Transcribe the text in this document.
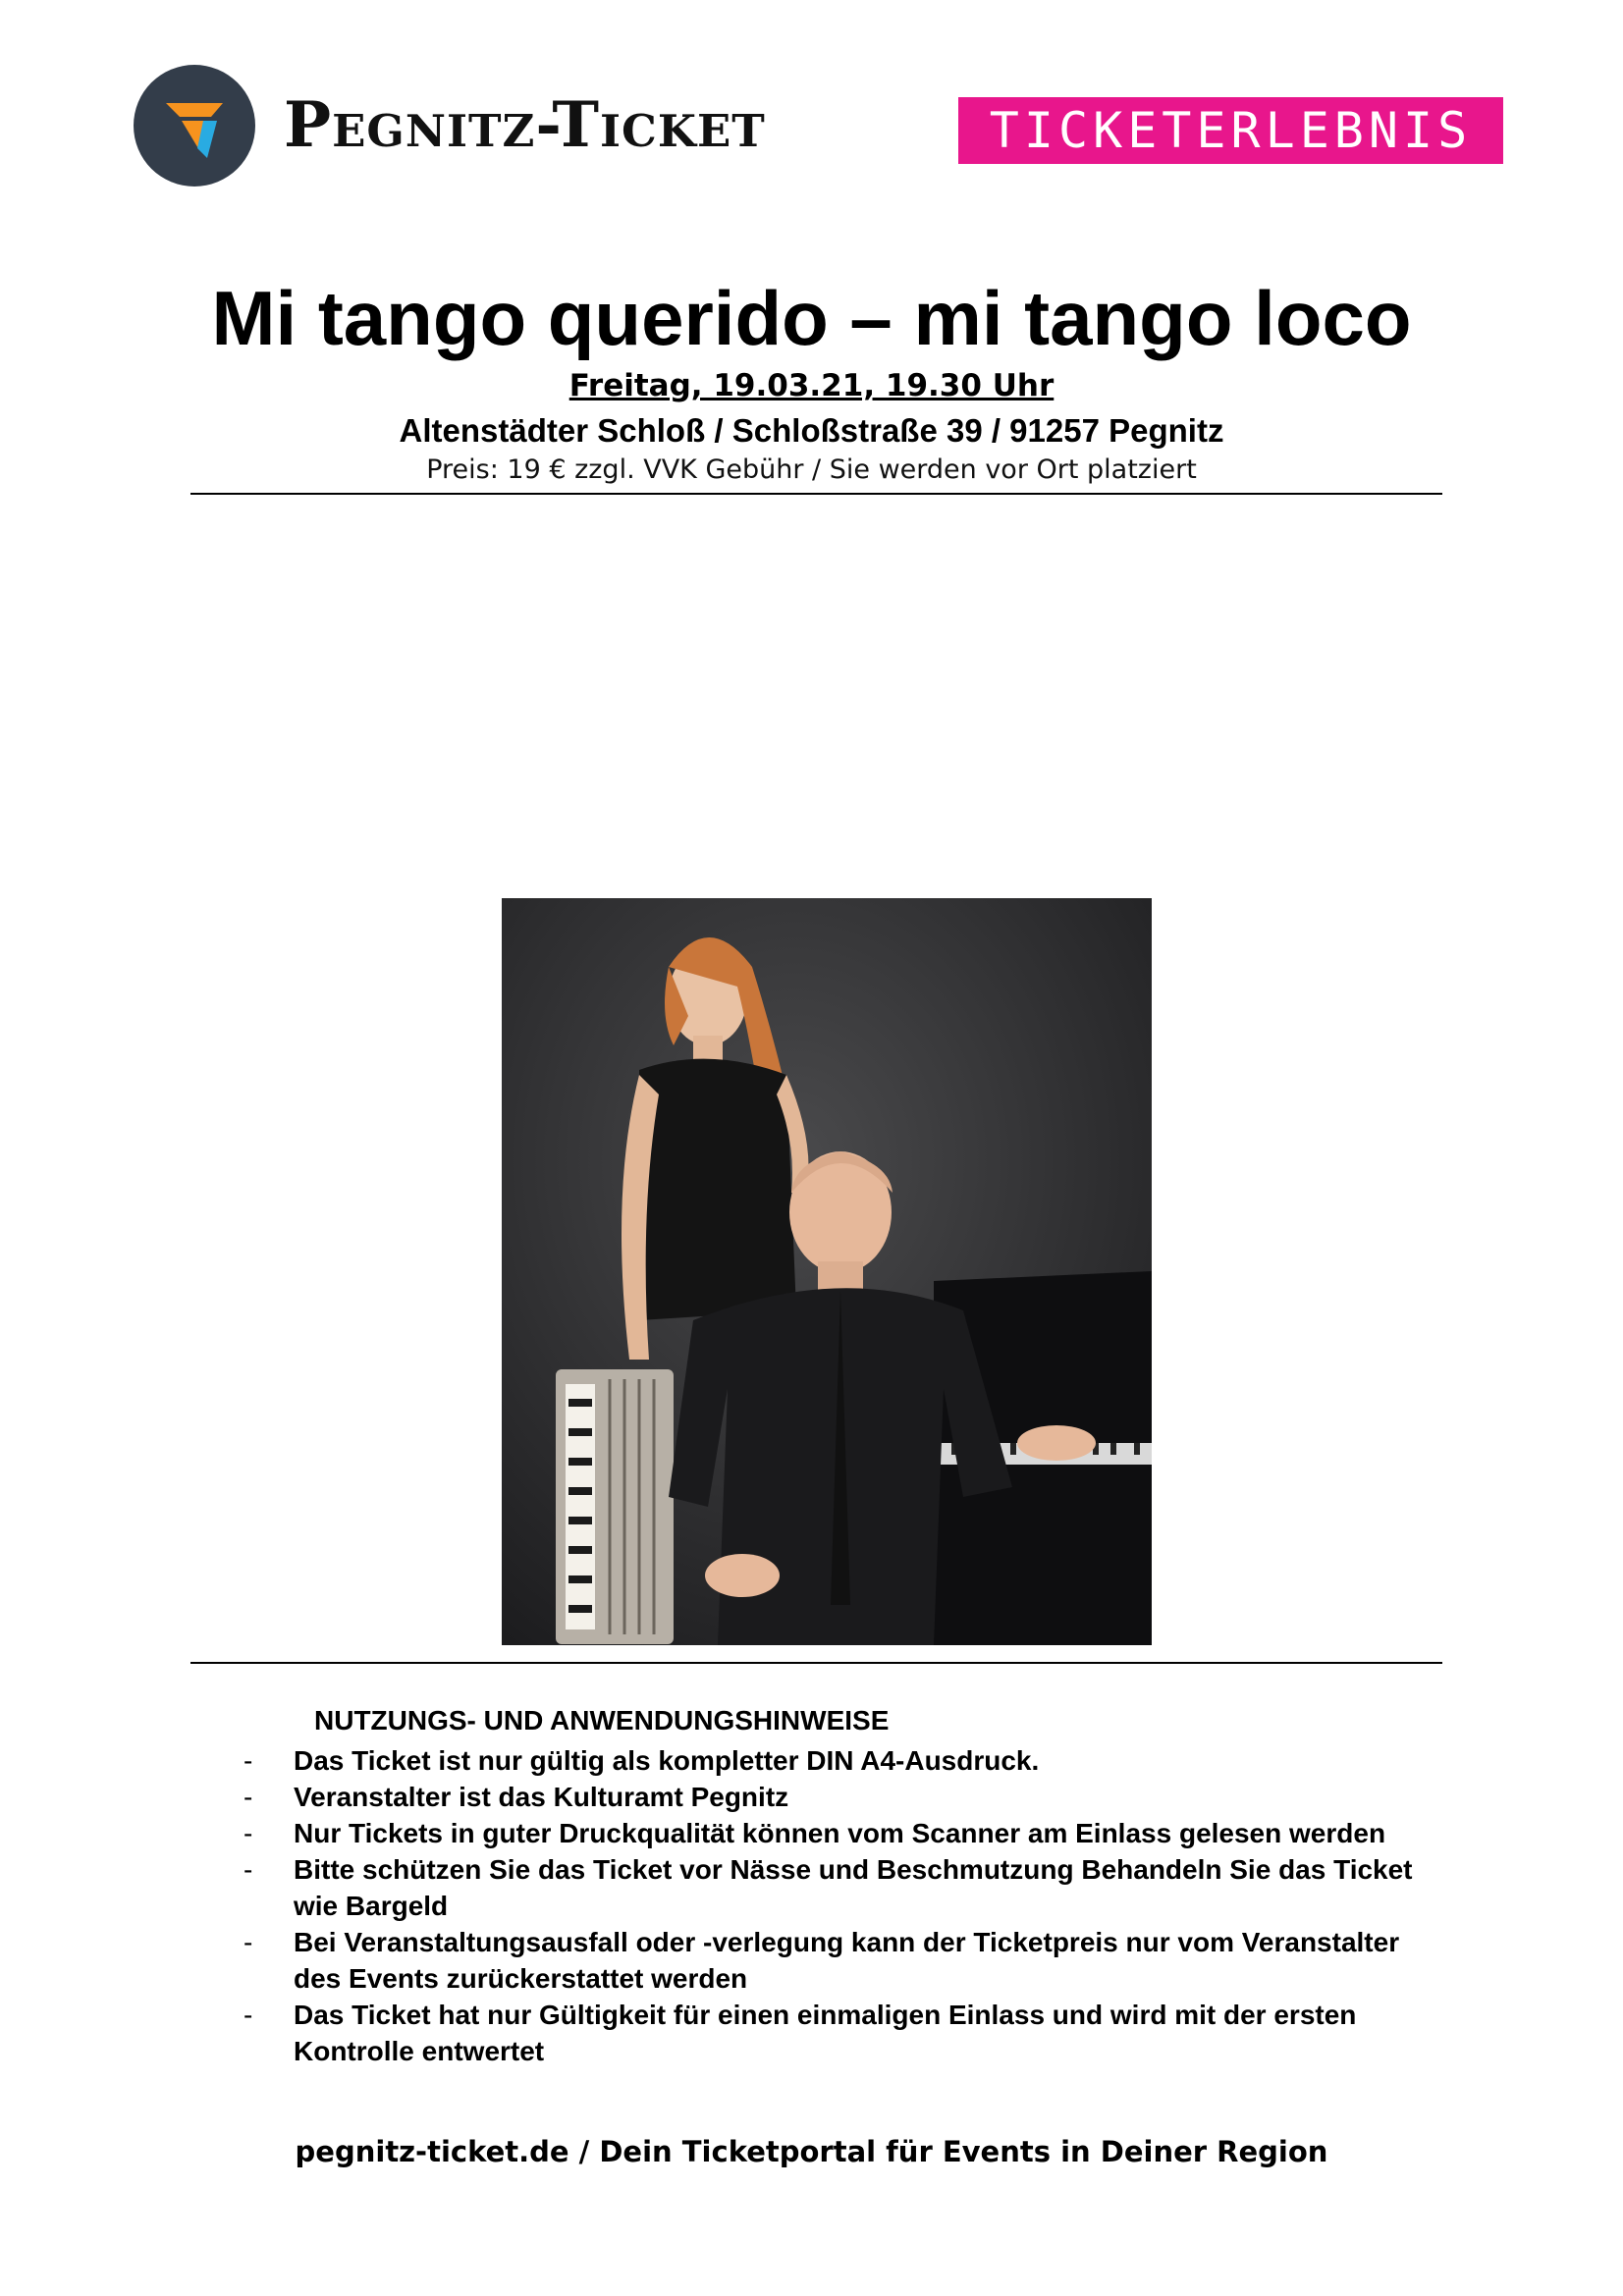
Pegnitz-Ticket	TICKETERLEBNIS
Mi tango querido – mi tango loco
Freitag, 19.03.21, 19.30 Uhr
Altenstädter Schloß / Schloßstraße 39 / 91257 Pegnitz
Preis: 19 € zzgl. VVK Gebühr / Sie werden vor Ort platziert
NUTZUNGS- UND ANWENDUNGSHINWEISE
- Das Ticket ist nur gültig als kompletter DIN A4-Ausdruck.
- Veranstalter ist das Kulturamt Pegnitz
- Nur Tickets in guter Druckqualität können vom Scanner am Einlass gelesen werden
- Bitte schützen Sie das Ticket vor Nässe und Beschmutzung Behandeln Sie das Ticket wie Bargeld
- Bei Veranstaltungsausfall oder -verlegung kann der Ticketpreis nur vom Veranstalter des Events zurückerstattet werden
- Das Ticket hat nur Gültigkeit für einen einmaligen Einlass und wird mit der ersten Kontrolle entwertet
pegnitz-ticket.de / Dein Ticketportal für Events in Deiner Region
